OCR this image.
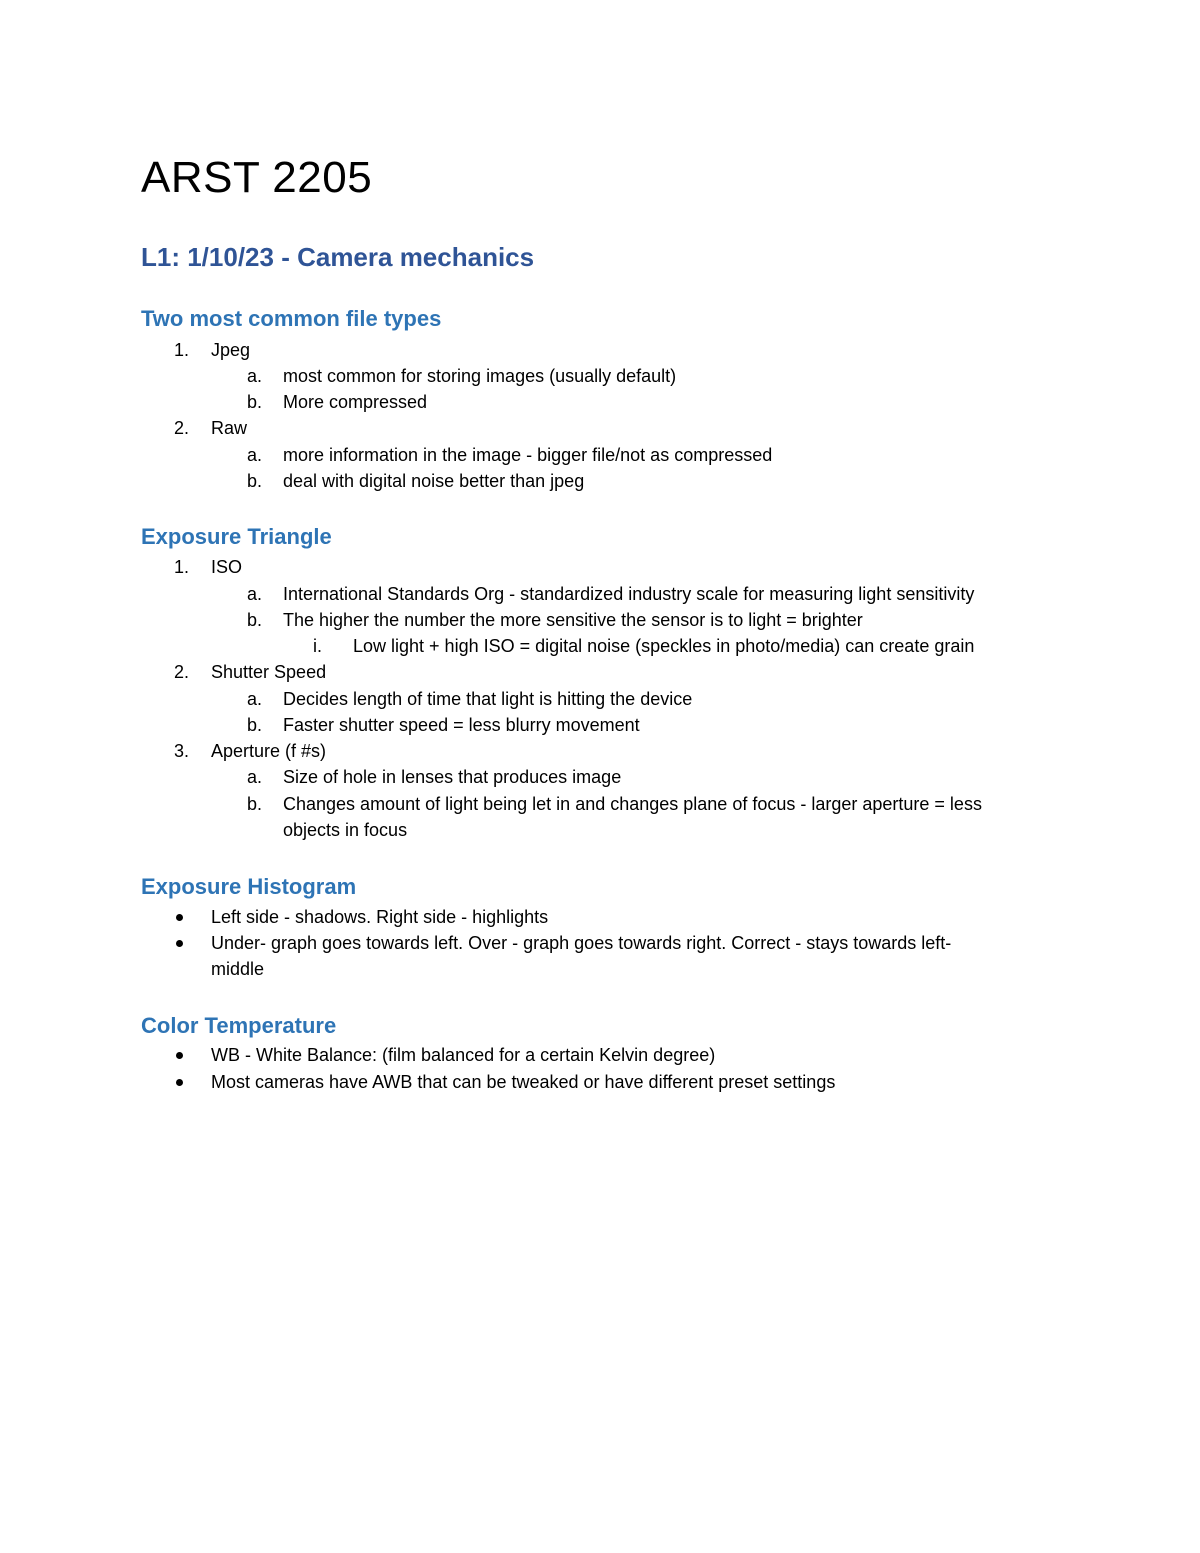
ARST 2205
L1: 1/10/23 - Camera mechanics
Two most common file types
1. Jpeg
a. most common for storing images (usually default)
b. More compressed
2. Raw
a. more information in the image - bigger file/not as compressed
b. deal with digital noise better than jpeg
Exposure Triangle
1. ISO
a. International Standards Org - standardized industry scale for measuring light sensitivity
b. The higher the number the more sensitive the sensor is to light = brighter
i. Low light + high ISO = digital noise (speckles in photo/media) can create grain
2. Shutter Speed
a. Decides length of time that light is hitting the device
b. Faster shutter speed = less blurry movement
3. Aperture (f #s)
a. Size of hole in lenses that produces image
b. Changes amount of light being let in and changes plane of focus - larger aperture = less
objects in focus
Exposure Histogram
Left side - shadows. Right side - highlights
Under- graph goes towards left. Over - graph goes towards right. Correct - stays towards left-
middle
Color Temperature
WB - White Balance: (film balanced for a certain Kelvin degree)
Most cameras have AWB that can be tweaked or have different preset settings
